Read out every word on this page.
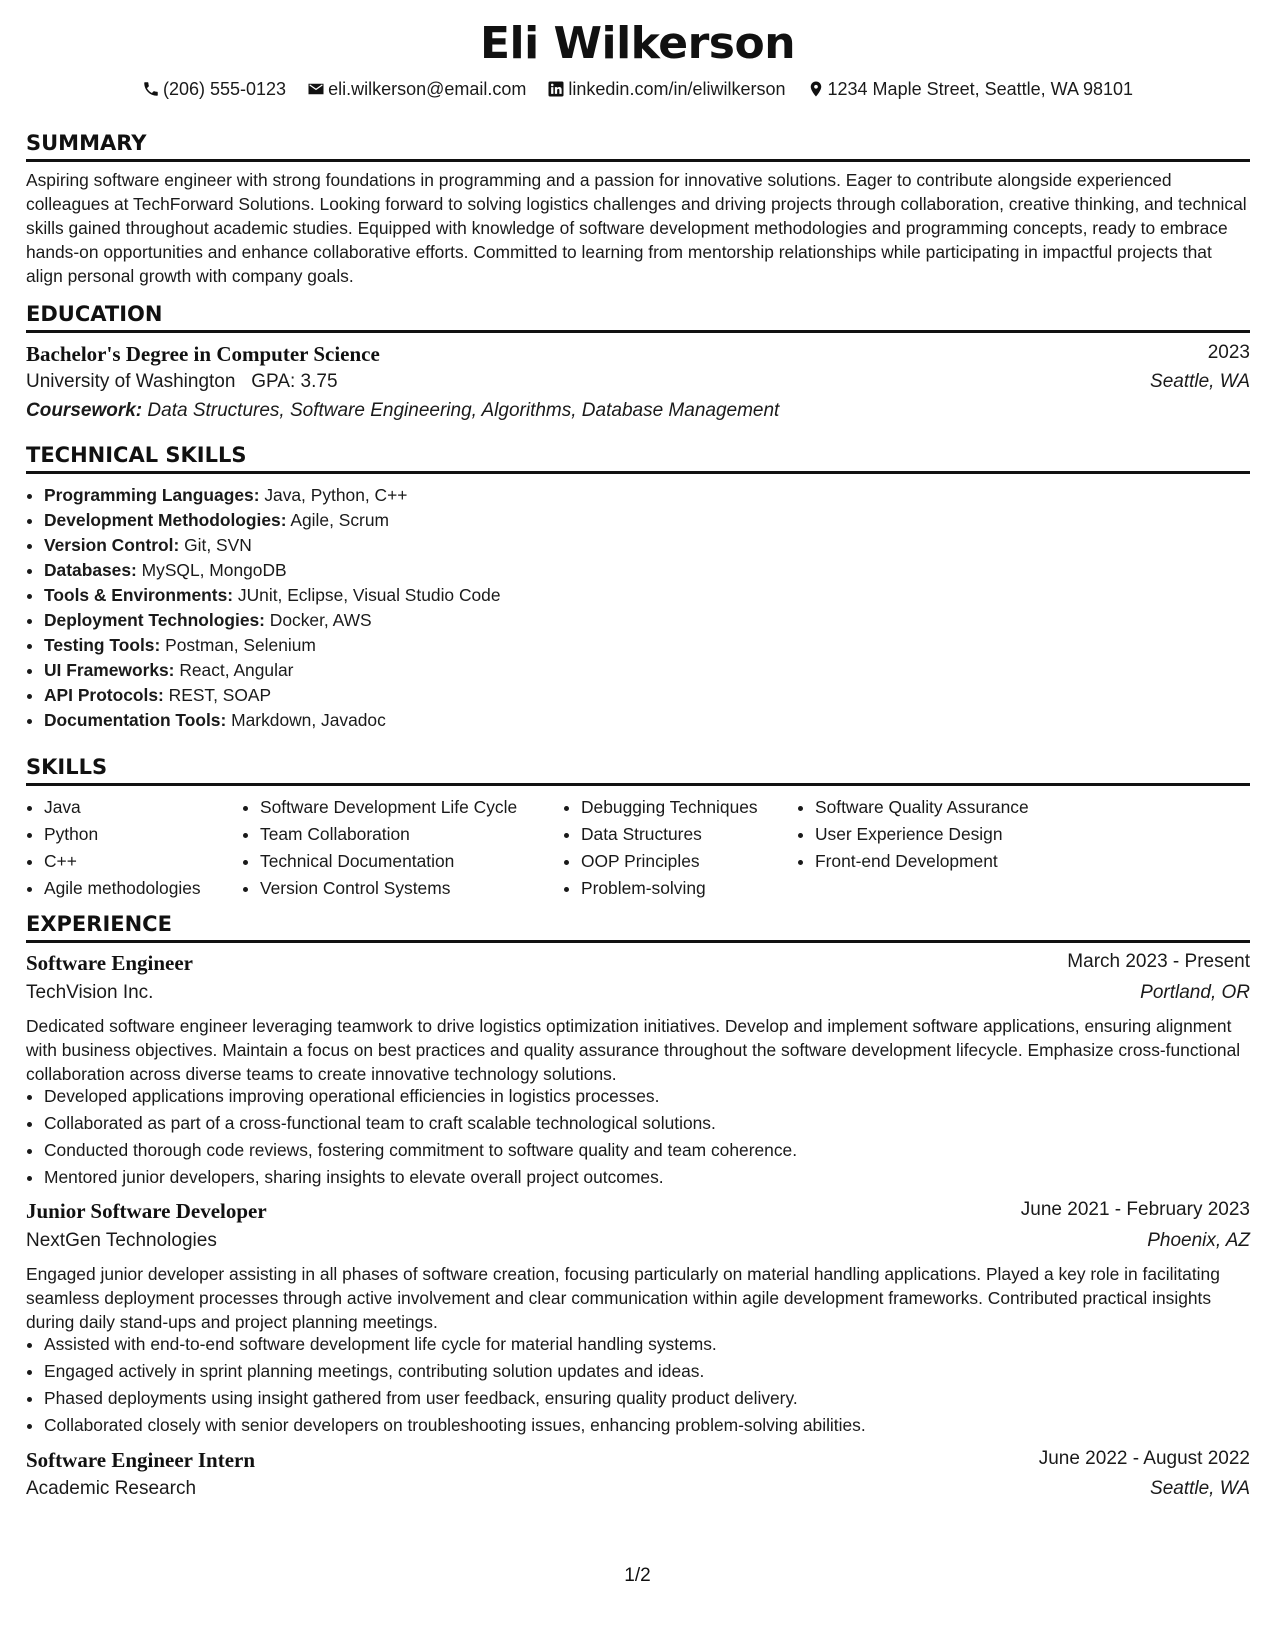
Eli Wilkerson
(206) 555-0123 eli.wilkerson@email.com linkedin.com/in/eliwilkerson 1234 Maple Street, Seattle, WA 98101
SUMMARY
Aspiring software engineer with strong foundations in programming and a passion for innovative solutions. Eager to contribute alongside experienced colleagues at TechForward Solutions. Looking forward to solving logistics challenges and driving projects through collaboration, creative thinking, and technical skills gained throughout academic studies. Equipped with knowledge of software development methodologies and programming concepts, ready to embrace hands-on opportunities and enhance collaborative efforts. Committed to learning from mentorship relationships while participating in impactful projects that align personal growth with company goals.
EDUCATION
Bachelor's Degree in Computer Science	2023
University of Washington GPA: 3.75	Seattle, WA
Coursework: Data Structures, Software Engineering, Algorithms, Database Management
TECHNICAL SKILLS
• Programming Languages: Java, Python, C++
• Development Methodologies: Agile, Scrum
• Version Control: Git, SVN
• Databases: MySQL, MongoDB
• Tools & Environments: JUnit, Eclipse, Visual Studio Code
• Deployment Technologies: Docker, AWS
• Testing Tools: Postman, Selenium
• UI Frameworks: React, Angular
• API Protocols: REST, SOAP
• Documentation Tools: Markdown, Javadoc
SKILLS
• Java
• Python
• C++
• Agile methodologies
• Software Development Life Cycle
• Team Collaboration
• Technical Documentation
• Version Control Systems
• Debugging Techniques
• Data Structures
• OOP Principles
• Problem-solving
• Software Quality Assurance
• User Experience Design
• Front-end Development
EXPERIENCE
Software Engineer	March 2023 - Present
TechVision Inc.	Portland, OR
Dedicated software engineer leveraging teamwork to drive logistics optimization initiatives. Develop and implement software applications, ensuring alignment with business objectives. Maintain a focus on best practices and quality assurance throughout the software development lifecycle. Emphasize cross-functional collaboration across diverse teams to create innovative technology solutions.
• Developed applications improving operational efficiencies in logistics processes.
• Collaborated as part of a cross-functional team to craft scalable technological solutions.
• Conducted thorough code reviews, fostering commitment to software quality and team coherence.
• Mentored junior developers, sharing insights to elevate overall project outcomes.
Junior Software Developer	June 2021 - February 2023
NextGen Technologies	Phoenix, AZ
Engaged junior developer assisting in all phases of software creation, focusing particularly on material handling applications. Played a key role in facilitating seamless deployment processes through active involvement and clear communication within agile development frameworks. Contributed practical insights during daily stand-ups and project planning meetings.
• Assisted with end-to-end software development life cycle for material handling systems.
• Engaged actively in sprint planning meetings, contributing solution updates and ideas.
• Phased deployments using insight gathered from user feedback, ensuring quality product delivery.
• Collaborated closely with senior developers on troubleshooting issues, enhancing problem-solving abilities.
Software Engineer Intern	June 2022 - August 2022
Academic Research	Seattle, WA
1/2
